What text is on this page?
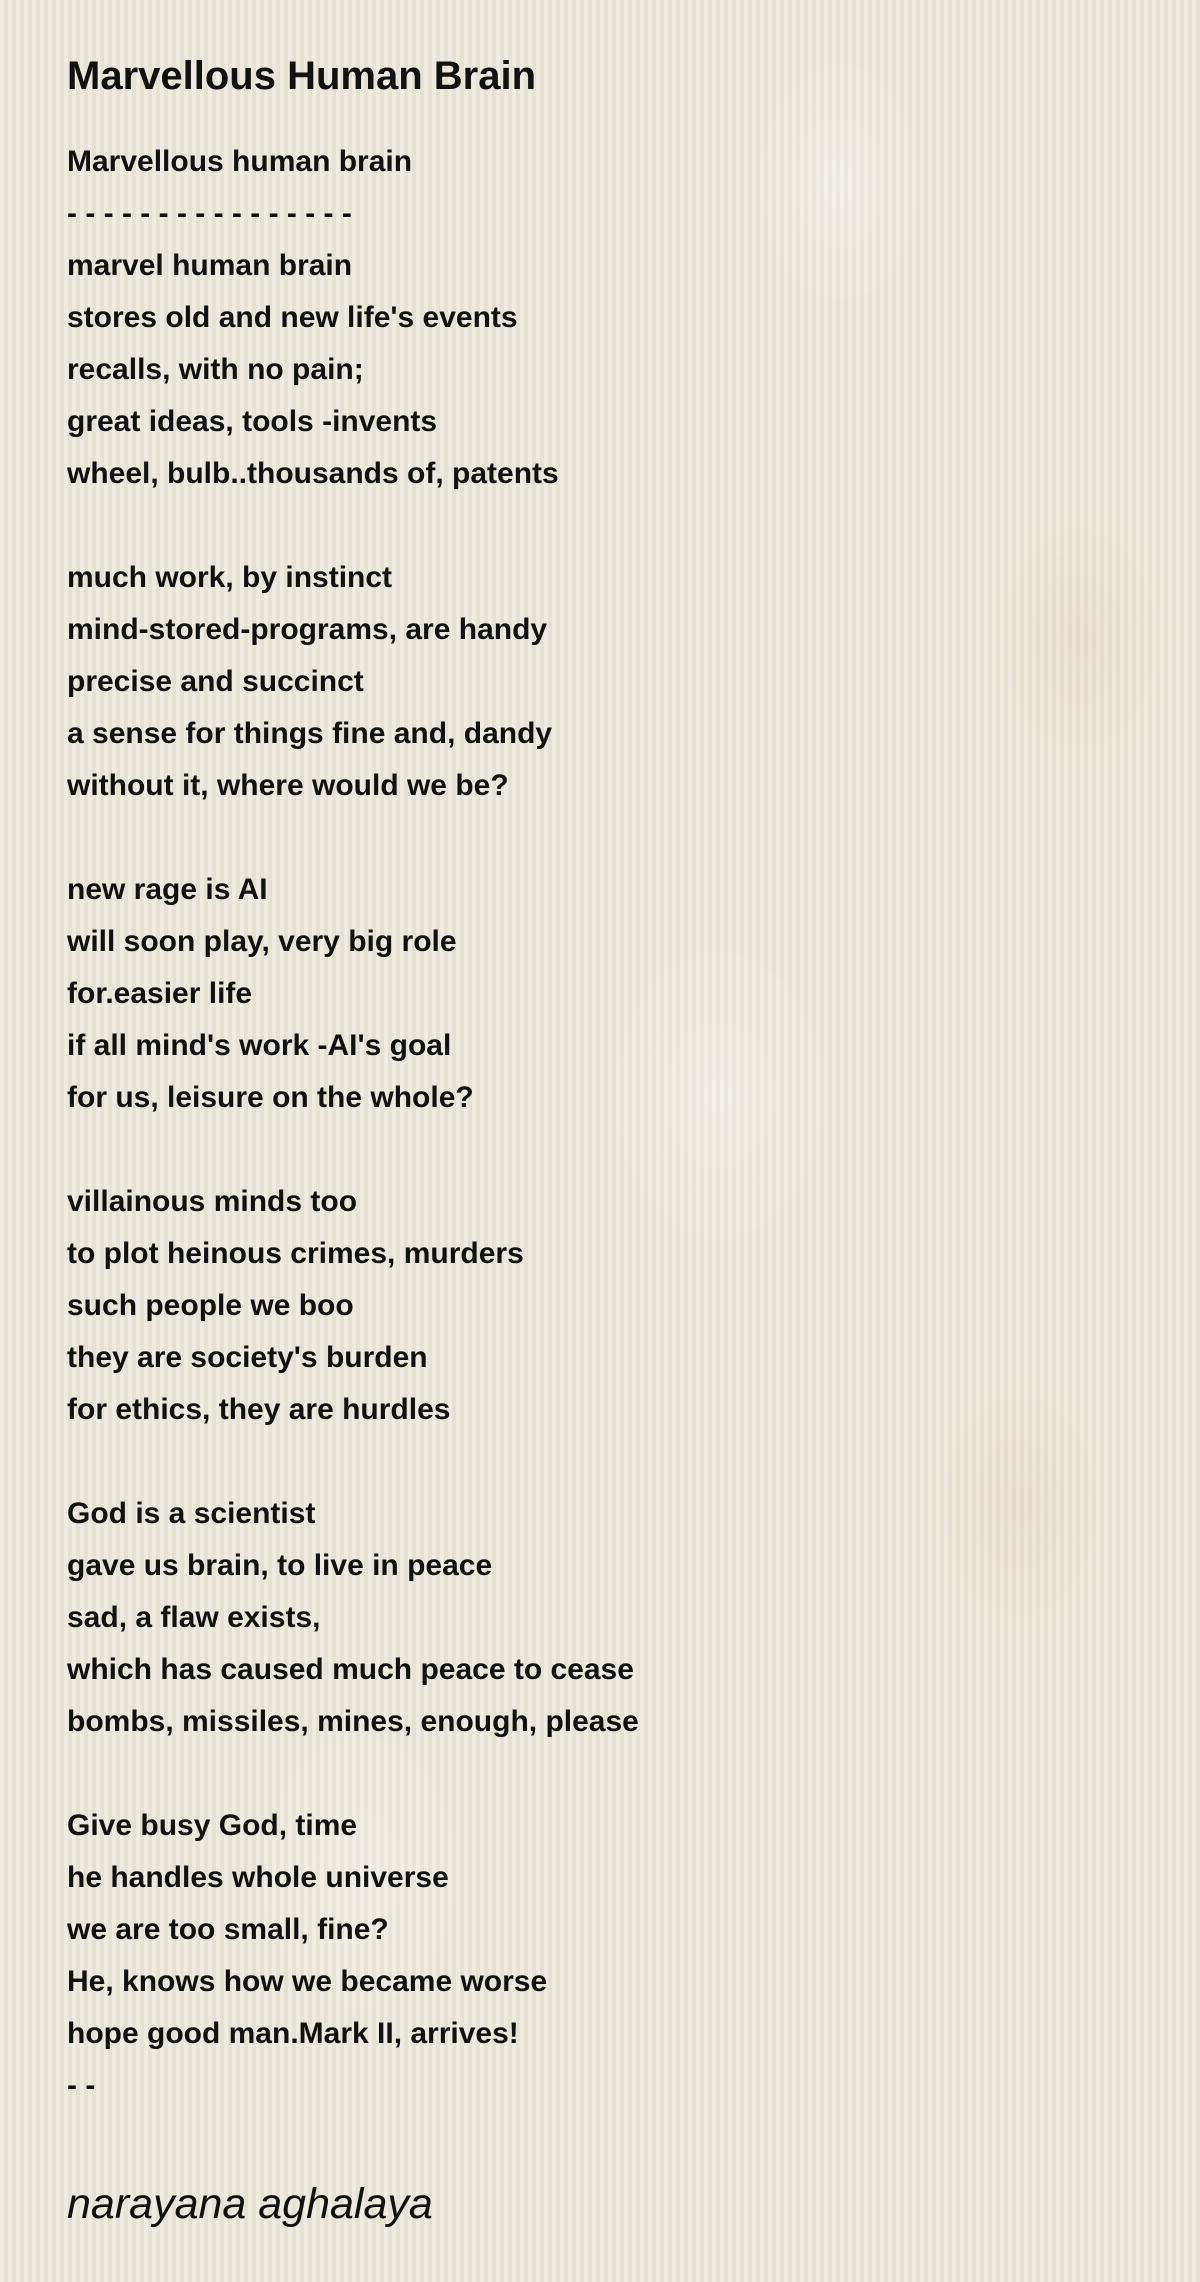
Marvellous Human Brain
Marvellous human brain
- - - - - - - - - - - - - - - -
marvel human brain
stores old and new life's events
recalls, with no pain;
great ideas, tools -invents
wheel, bulb..thousands of, patents
much work, by instinct
mind-stored-programs, are handy
precise and succinct
a sense for things fine and, dandy
without it, where would we be?
new rage is AI
will soon play, very big role
for.easier life
if all mind's work -AI's goal
for us, leisure on the whole?
villainous minds too
to plot heinous crimes, murders
such people we boo
they are society's burden
for ethics, they are hurdles
God is a scientist
gave us brain, to live in peace
sad, a flaw exists,
which has caused much peace to cease
bombs, missiles, mines, enough, please
Give busy God, time
he handles whole universe
we are too small, fine?
He, knows how we became worse
hope good man.Mark II, arrives!
- -
narayana aghalaya
